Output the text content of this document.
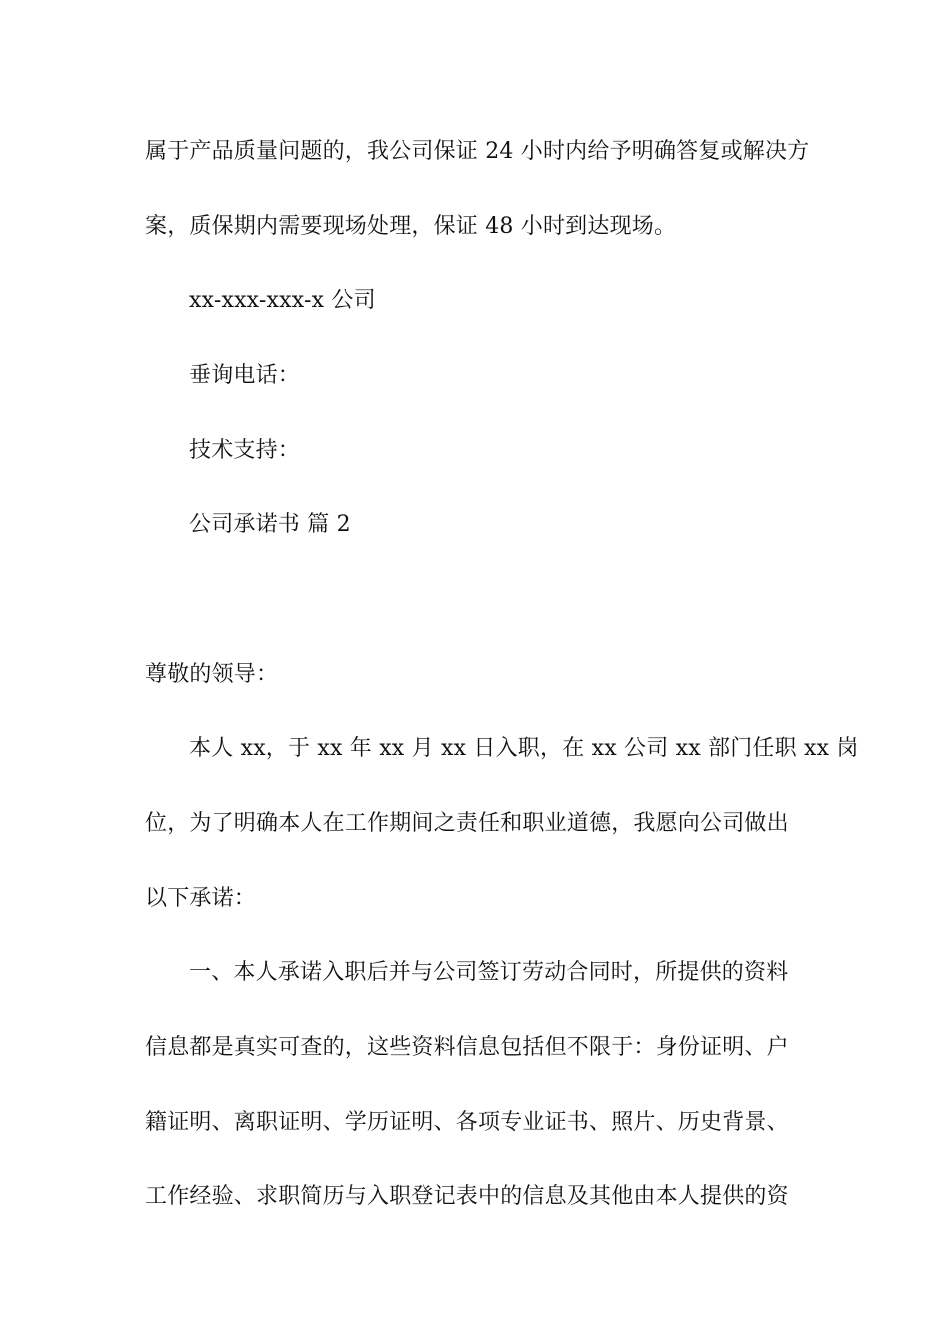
属于产品质量问题的，我公司保证 24 小时内给予明确答复或解决方
案，质保期内需要现场处理，保证 48 小时到达现场。
xx-xxx-xxx-x 公司
垂询电话：
技术支持：
公司承诺书 篇 2
尊敬的领导：
本人 xx，于 xx 年 xx 月 xx 日入职，在 xx 公司 xx 部门任职 xx 岗
位，为了明确本人在工作期间之责任和职业道德，我愿向公司做出
以下承诺：
一、本人承诺入职后并与公司签订劳动合同时，所提供的资料
信息都是真实可查的，这些资料信息包括但不限于：身份证明、户
籍证明、离职证明、学历证明、各项专业证书、照片、历史背景、
工作经验、求职简历与入职登记表中的信息及其他由本人提供的资
